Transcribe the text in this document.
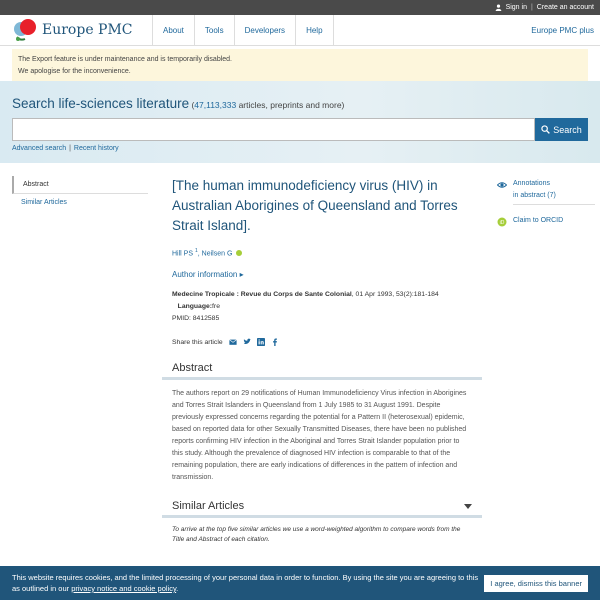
Sign in | Create an account
Europe PMC	About	Tools	Developers	Help	Europe PMC plus
The Export feature is under maintenance and is temporarily disabled.
We apologise for the inconvenience.
Search life-sciences literature (47,113,333 articles, preprints and more)
Search
Advanced search | Recent history
Abstract
Similar Articles
[The human immunodeficiency virus (HIV) in Australian Aborigines of Queensland and Torres Strait Island].
Hill PS $^1$, Neilsen G
Author information ▸
Medecine Tropicale : Revue du Corps de Sante Colonial, 01 Apr 1993, 53(2):181-184    Language:fre
PMID: 8412585
Share this article
Abstract
The authors report on 29 notifications of Human Immunodeficiency Virus infection in Aborigines and Torres Strait Islanders in Queensland from 1 July 1985 to 31 August 1991. Despite previously expressed concerns regarding the potential for a Pattern II (heterosexual) epidemic, based on reported data for other Sexually Transmitted Diseases, there have been no published reports confirming HIV infection in the Aboriginal and Torres Strait Islander population prior to this study. Although the prevalence of diagnosed HIV infection is comparable to that of the remaining population, there are early indications of differences in the pattern of infection and transmission.
Similar Articles
To arrive at the top five similar articles we use a word-weighted algorithm to compare words from the Title and Abstract of each citation.
Annotations
in abstract (7)
iD Claim to ORCID
This website requires cookies, and the limited processing of your personal data in order to function. By using the site you are agreeing to this as outlined in our privacy notice and cookie policy.
I agree, dismiss this banner
